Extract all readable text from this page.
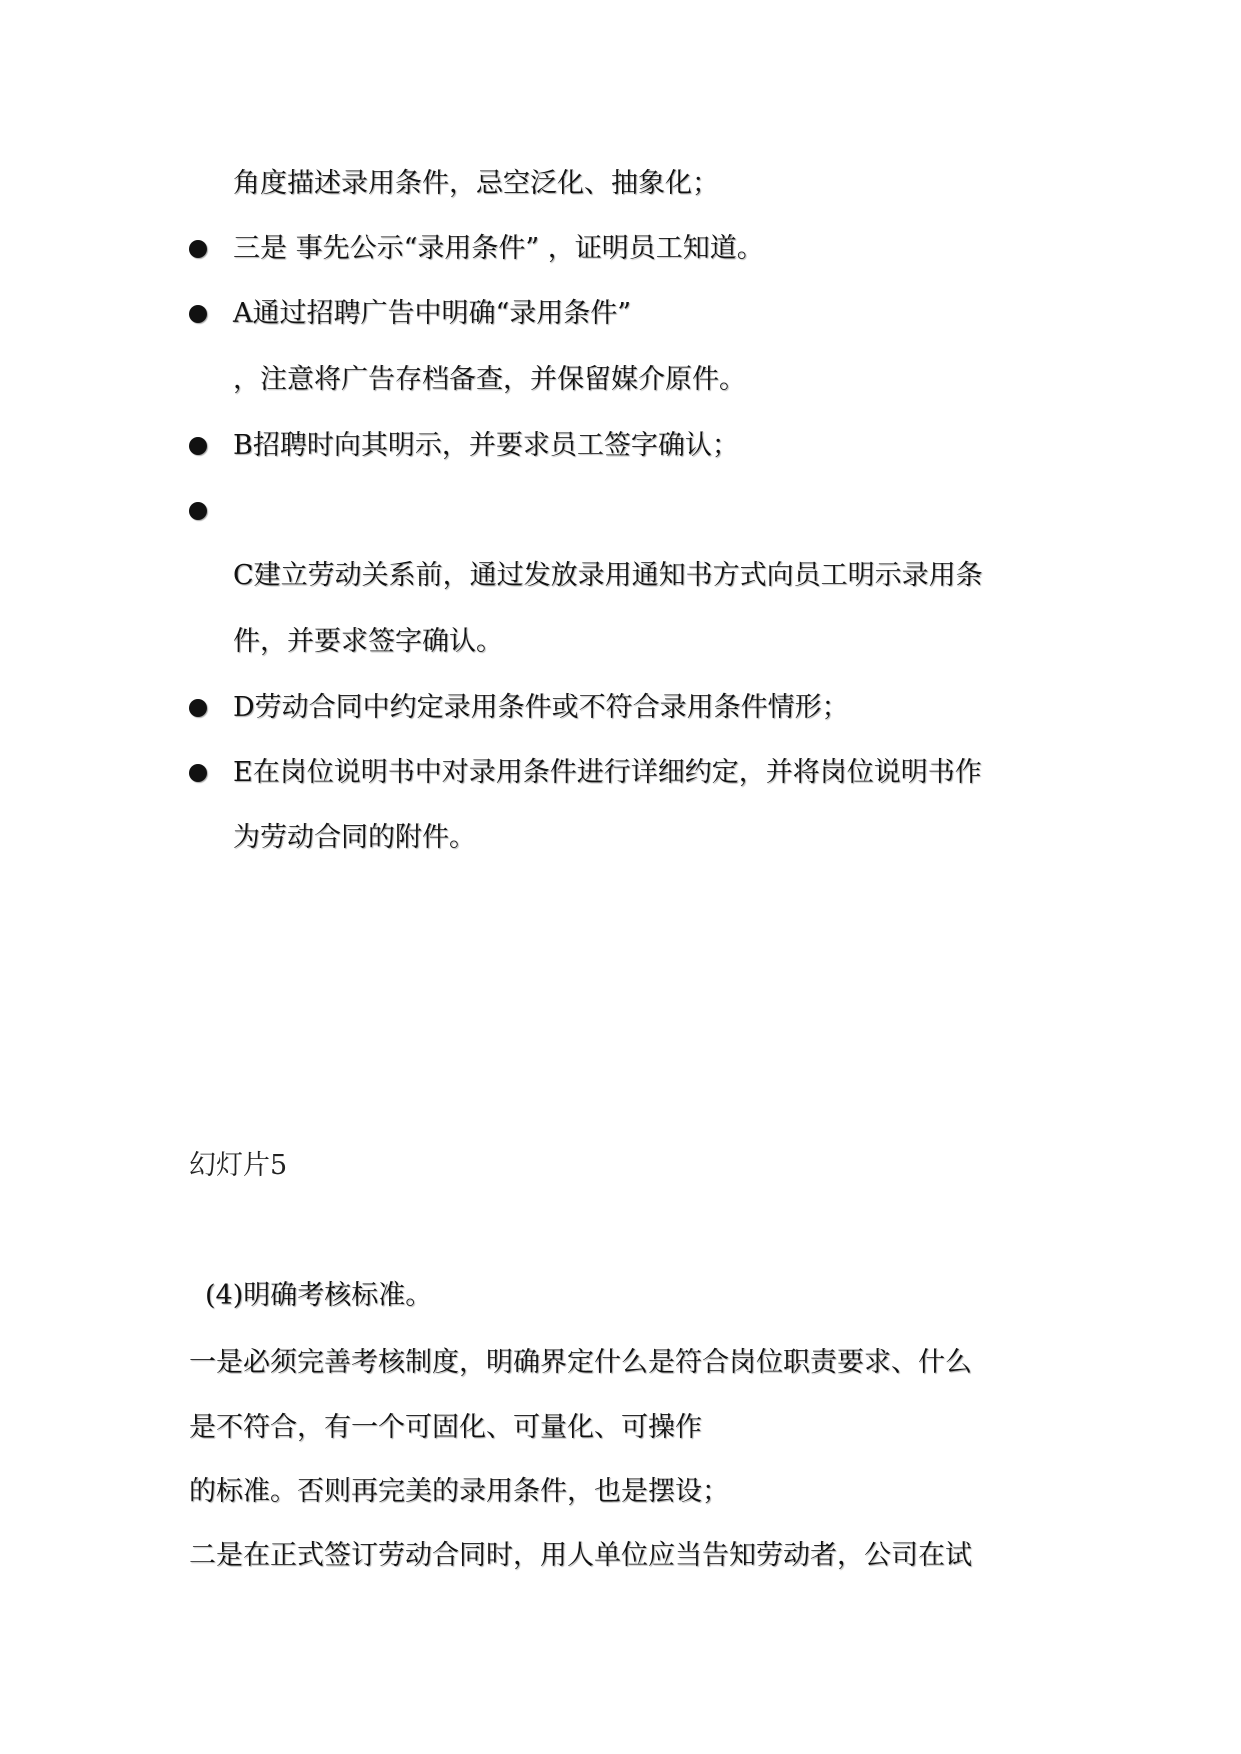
角度描述录用条件，忌空泛化、抽象化；
三是 事先公示“录用条件” ，证明员工知道。
A通过招聘广告中明确“录用条件”
，注意将广告存档备查，并保留媒介原件。
B招聘时向其明示，并要求员工签字确认；
C建立劳动关系前，通过发放录用通知书方式向员工明示录用条
件，并要求签字确认。
D劳动合同中约定录用条件或不符合录用条件情形；
E在岗位说明书中对录用条件进行详细约定，并将岗位说明书作
为劳动合同的附件。
幻灯片5
(4)明确考核标准。
一是必须完善考核制度，明确界定什么是符合岗位职责要求、什么
是不符合，有一个可固化、可量化、可操作
的标准。否则再完美的录用条件，也是摆设；
二是在正式签订劳动合同时，用人单位应当告知劳动者，公司在试
